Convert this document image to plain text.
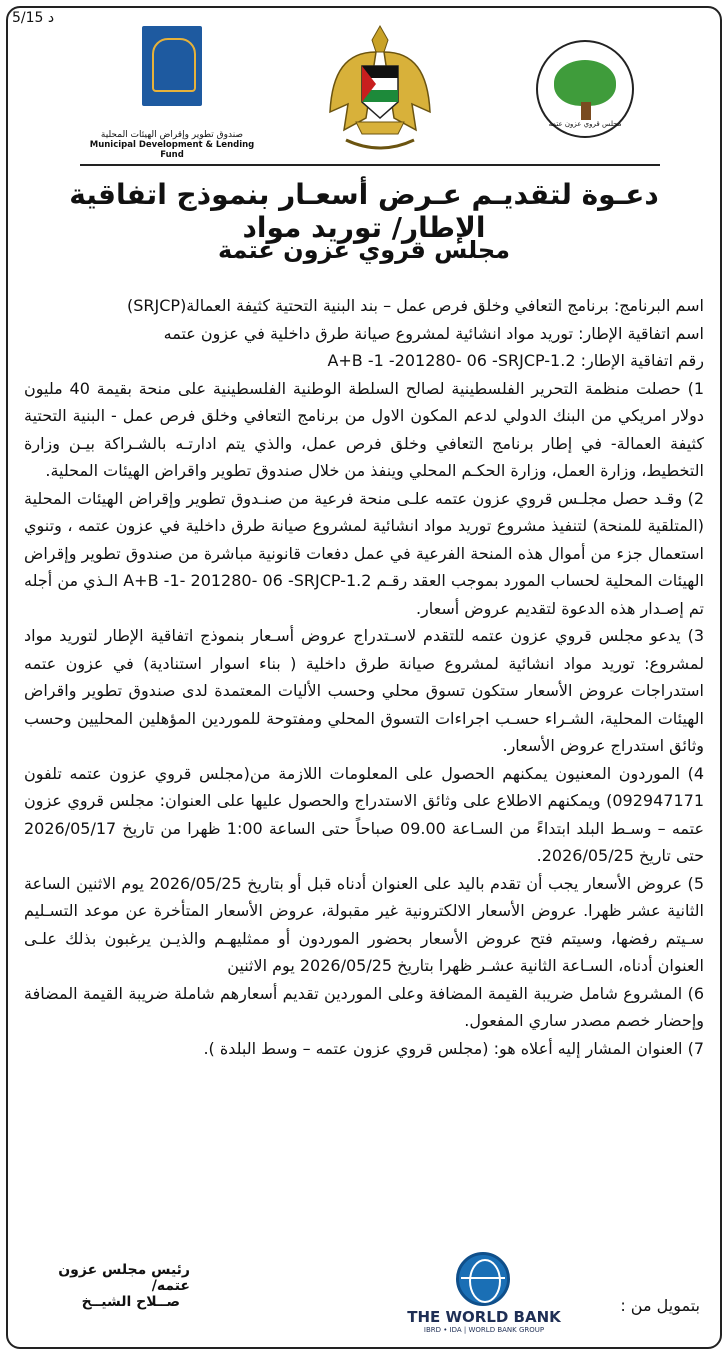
5/15 د
صندوق تطوير وإقراض الهيئات المحلية
Municipal Development & Lending Fund
مجلس قروي عزون عتمة
دعـوة لتقديـم عـرض أسعـار بنموذج اتفاقية الإطار/ توريد مواد
مجلس قروي عزون عتمة

اسم البرنامج: برنامج التعافي وخلق فرص عمل – بند البنية التحتية كثيفة العمالة(SRJCP)

اسم اتفاقية الإطار: توريد مواد انشائية لمشروع صيانة طرق داخلية في عزون عتمه

رقم اتفاقية الإطار: A+B -1 -201280- 06 -SRJCP-1.2

1) حصلت منظمة التحرير الفلسطينية لصالح السلطة الوطنية الفلسطينية على منحة بقيمة 40 مليون دولار امريكي من البنك الدولي لدعم المكون الاول من برنامج التعافي وخلق فرص عمل - البنية التحتية كثيفة العمالة- في إطار برنامج التعافي وخلق فرص عمل، والذي يتم ادارتـه بالشـراكة بيـن وزارة التخطيط، وزارة العمل، وزارة الحكـم المحلي وينفذ من خلال صندوق تطوير واقراض الهيئات المحلية.

2) وقـد حصل مجلـس قروي عزون عتمه علـى منحة فرعية من صنـدوق تطوير وإقراض الهيئات المحلية (المتلقية للمنحة) لتنفيذ مشروع توريد مواد انشائية لمشروع صيانة طرق داخلية في عزون عتمه ، وتنوي استعمال جزء من أموال هذه المنحة الفرعية في عمل دفعات قانونية مباشرة من صندوق تطوير وإقراض الهيئات المحلية لحساب المورد بموجب العقد رقـم A+B -1- 201280- 06 -SRJCP-1.2 الـذي من أجله تم إصـدار هذه الدعوة لتقديم عروض أسعار.

3) يدعو مجلس قروي عزون عتمه للتقدم لاسـتدراج عروض أسـعار بنموذج اتفاقية الإطار لتوريد مواد لمشروع: توريد مواد انشائية لمشروع صيانة طرق داخلية ( بناء اسوار استنادية) في عزون عتمه استدراجات عروض الأسعار ستكون تسوق محلي وحسب الأليات المعتمدة لدى صندوق تطوير واقراض الهيئات المحلية، الشـراء حسـب اجراءات التسوق المحلي ومفتوحة للموردين المؤهلين المحليين وحسب وثائق استدراج عروض الأسعار.

4) الموردون المعنيون يمكنهم الحصول على المعلومات اللازمة من(مجلس قروي عزون عتمه تلفون 092947171) ويمكنهم الاطلاع على وثائق الاستدراج والحصول عليها على العنوان: مجلس قروي عزون عتمه – وسـط البلد ابتداءً من السـاعة 09.00 صباحاً حتى الساعة 1:00 ظهرا من تاريخ 2026/05/17 حتى تاريخ 2026/05/25.

5) عروض الأسعار يجب أن تقدم باليد على العنوان أدناه قبل أو بتاريخ 2026/05/25 يوم الاثنين الساعة الثانية عشر ظهرا. عروض الأسعار الالكترونية غير مقبولة، عروض الأسعار المتأخرة عن موعد التسـليم سـيتم رفضها، وسيتم فتح عروض الأسعار بحضور الموردون أو ممثليهـم والذيـن يرغبون بذلك علـى العنوان أدناه، السـاعة الثانية عشـر ظهرا بتاريخ 2026/05/25 يوم الاثنين

6) المشروع شامل ضريبة القيمة المضافة وعلى الموردين تقديم أسعارهم شاملة ضريبة القيمة المضافة وإحضار خصم مصدر ساري المفعول.

7) العنوان المشار إليه أعلاه هو: (مجلس قروي عزون عتمه – وسط البلدة ).

رئيس مجلس عزون عتمه/
صــلاح الشيــخ
THE WORLD BANK
IBRD • IDA | WORLD BANK GROUP
بتمويل من :
